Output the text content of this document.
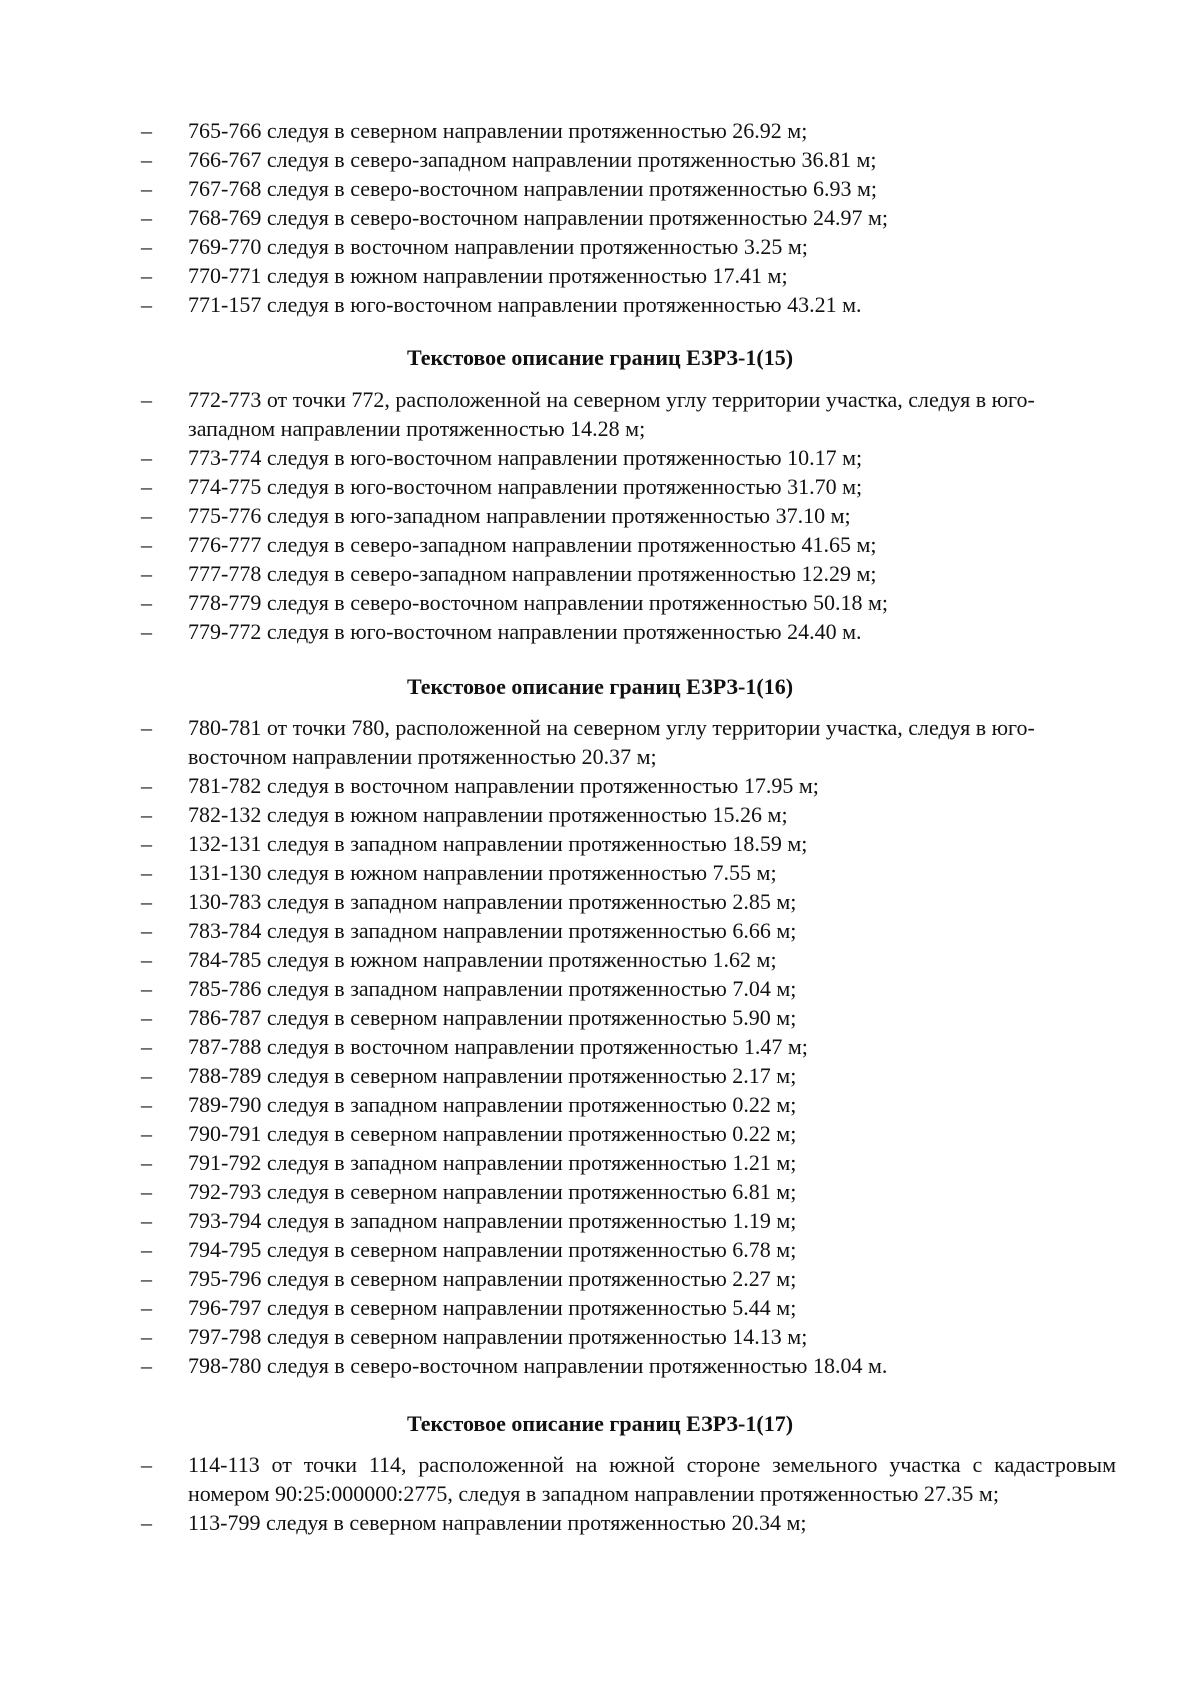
– 765-766 следуя в северном направлении протяженностью 26.92 м;
– 766-767 следуя в северо-западном направлении протяженностью 36.81 м;
– 767-768 следуя в северо-восточном направлении протяженностью 6.93 м;
– 768-769 следуя в северо-восточном направлении протяженностью 24.97 м;
– 769-770 следуя в восточном направлении протяженностью 3.25 м;
– 770-771 следуя в южном направлении протяженностью 17.41 м;
– 771-157 следуя в юго-восточном направлении протяженностью 43.21 м.
Текстовое описание границ ЕЗРЗ-1(15)
– 772-773 от точки 772, расположенной на северном углу территории участка, следуя в юго-западном направлении протяженностью 14.28 м;
– 773-774 следуя в юго-восточном направлении протяженностью 10.17 м;
– 774-775 следуя в юго-восточном направлении протяженностью 31.70 м;
– 775-776 следуя в юго-западном направлении протяженностью 37.10 м;
– 776-777 следуя в северо-западном направлении протяженностью 41.65 м;
– 777-778 следуя в северо-западном направлении протяженностью 12.29 м;
– 778-779 следуя в северо-восточном направлении протяженностью 50.18 м;
– 779-772 следуя в юго-восточном направлении протяженностью 24.40 м.
Текстовое описание границ ЕЗРЗ-1(16)
– 780-781 от точки 780, расположенной на северном углу территории участка, следуя в юго-восточном направлении протяженностью 20.37 м;
– 781-782 следуя в восточном направлении протяженностью 17.95 м;
– 782-132 следуя в южном направлении протяженностью 15.26 м;
– 132-131 следуя в западном направлении протяженностью 18.59 м;
– 131-130 следуя в южном направлении протяженностью 7.55 м;
– 130-783 следуя в западном направлении протяженностью 2.85 м;
– 783-784 следуя в западном направлении протяженностью 6.66 м;
– 784-785 следуя в южном направлении протяженностью 1.62 м;
– 785-786 следуя в западном направлении протяженностью 7.04 м;
– 786-787 следуя в северном направлении протяженностью 5.90 м;
– 787-788 следуя в восточном направлении протяженностью 1.47 м;
– 788-789 следуя в северном направлении протяженностью 2.17 м;
– 789-790 следуя в западном направлении протяженностью 0.22 м;
– 790-791 следуя в северном направлении протяженностью 0.22 м;
– 791-792 следуя в западном направлении протяженностью 1.21 м;
– 792-793 следуя в северном направлении протяженностью 6.81 м;
– 793-794 следуя в западном направлении протяженностью 1.19 м;
– 794-795 следуя в северном направлении протяженностью 6.78 м;
– 795-796 следуя в северном направлении протяженностью 2.27 м;
– 796-797 следуя в северном направлении протяженностью 5.44 м;
– 797-798 следуя в северном направлении протяженностью 14.13 м;
– 798-780 следуя в северо-восточном направлении протяженностью 18.04 м.
Текстовое описание границ ЕЗРЗ-1(17)
– 114-113 от точки 114, расположенной на южной стороне земельного участка с кадастровым номером 90:25:000000:2775, следуя в западном направлении протяженностью 27.35 м;
– 113-799 следуя в северном направлении протяженностью 20.34 м;
